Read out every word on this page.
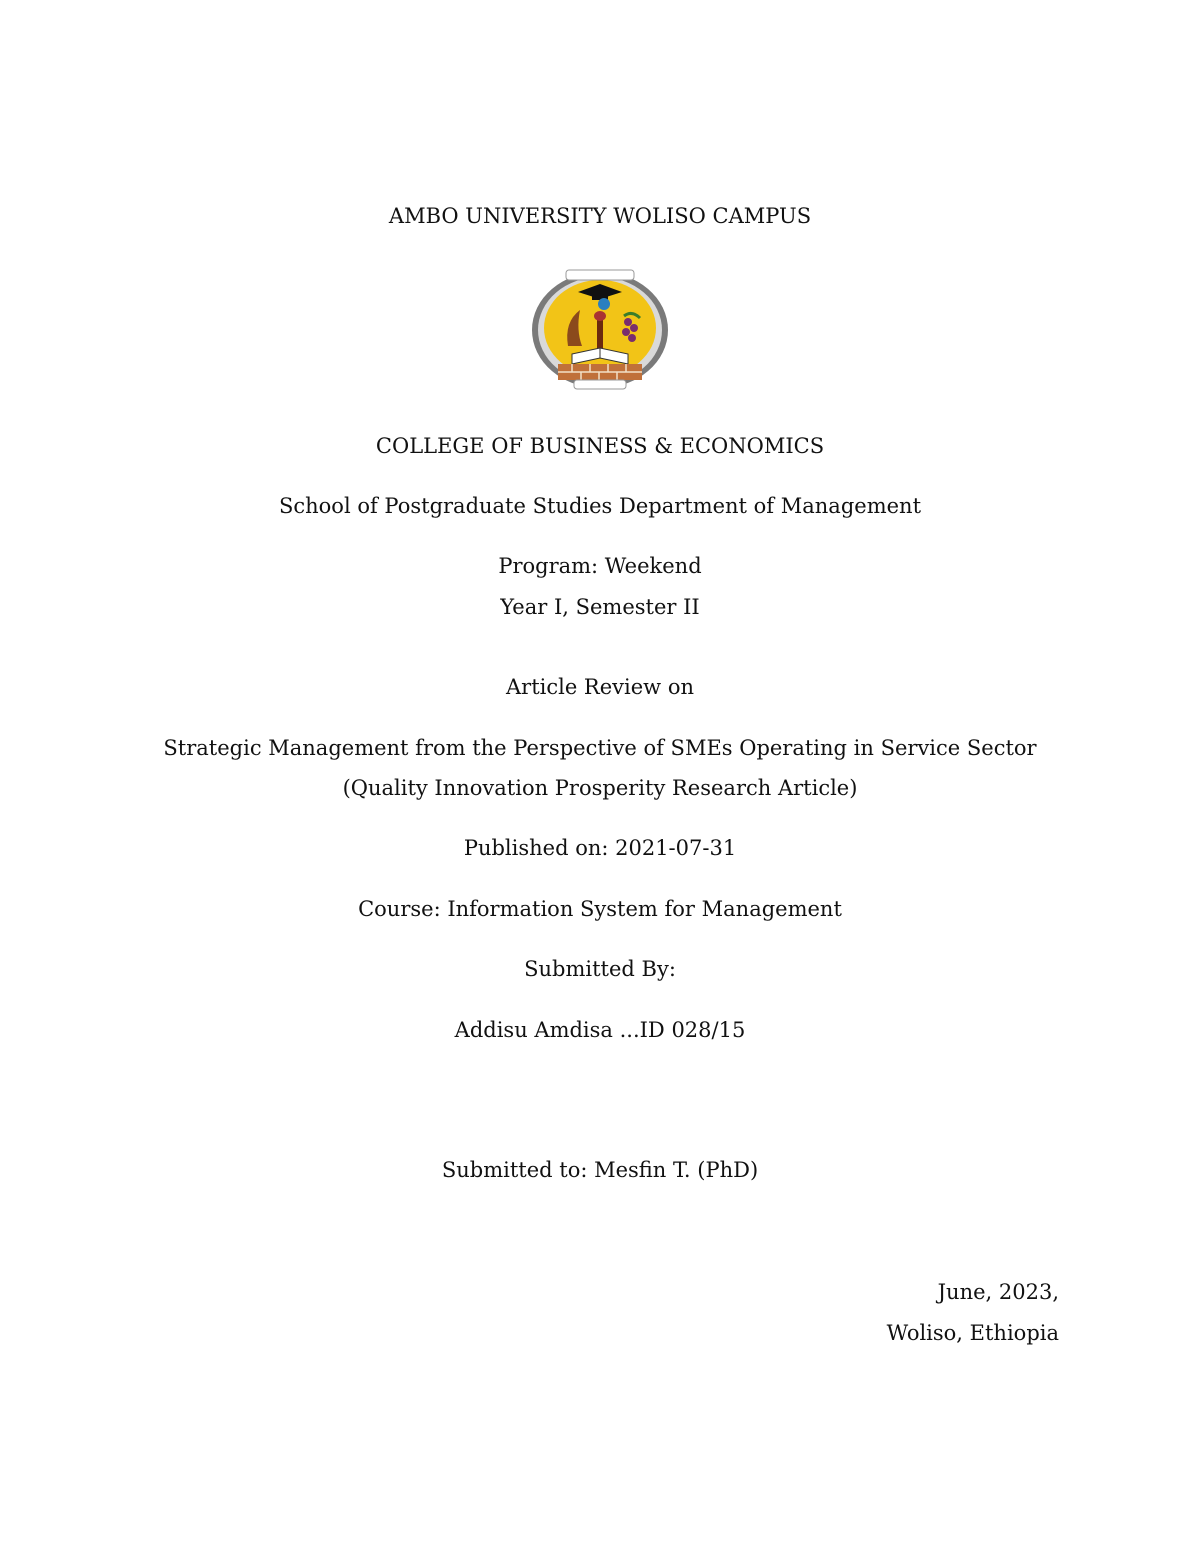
AMBO UNIVERSITY WOLISO CAMPUS
COLLEGE OF BUSINESS & ECONOMICS
School of Postgraduate Studies Department of Management
Program: Weekend
Year I, Semester II
Article Review on
Strategic Management from the Perspective of SMEs Operating in Service Sector
(Quality Innovation Prosperity Research Article)
Published on: 2021-07-31
Course: Information System for Management
Submitted By:
Addisu Amdisa ...ID 028/15
Submitted to: Mesfin T. (PhD)
June, 2023,
Woliso, Ethiopia
